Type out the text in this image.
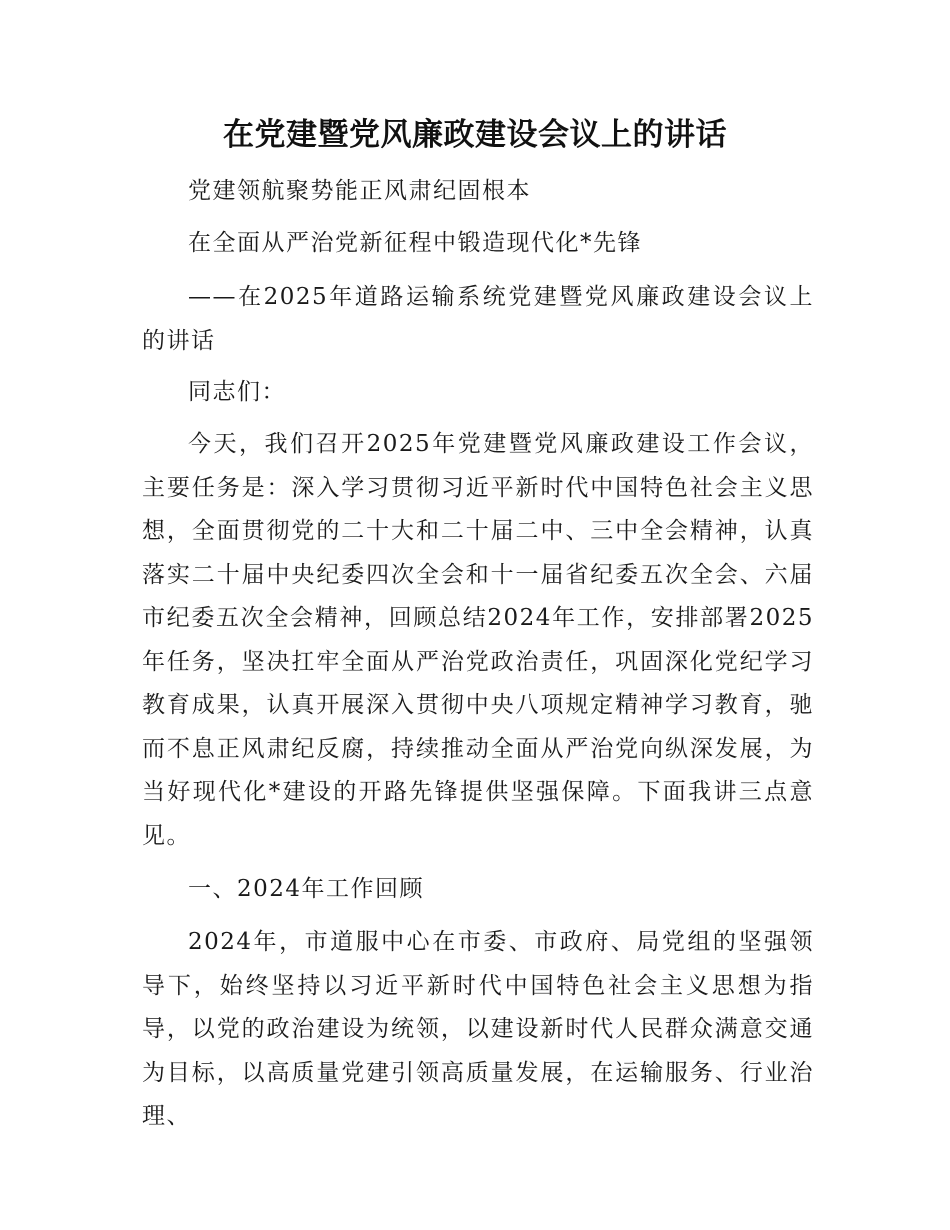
在党建暨党风廉政建设会议上的讲话

党建领航聚势能正风肃纪固根本

在全面从严治党新征程中锻造现代化*先锋

——在2025年道路运输系统党建暨党风廉政建设会议上的讲话

同志们：

今天，我们召开2025年党建暨党风廉政建设工作会议，主要任务是：深入学习贯彻习近平新时代中国特色社会主义思想，全面贯彻党的二十大和二十届二中、三中全会精神，认真落实二十届中央纪委四次全会和十一届省纪委五次全会、六届市纪委五次全会精神，回顾总结2024年工作，安排部署2025年任务，坚决扛牢全面从严治党政治责任，巩固深化党纪学习教育成果，认真开展深入贯彻中央八项规定精神学习教育，驰而不息正风肃纪反腐，持续推动全面从严治党向纵深发展，为当好现代化*建设的开路先锋提供坚强保障。下面我讲三点意见。

一、2024年工作回顾

2024年，市道服中心在市委、市政府、局党组的坚强领导下，始终坚持以习近平新时代中国特色社会主义思想为指导，以党的政治建设为统领，以建设新时代人民群众满意交通为目标，以高质量党建引领高质量发展，在运输服务、行业治理、
